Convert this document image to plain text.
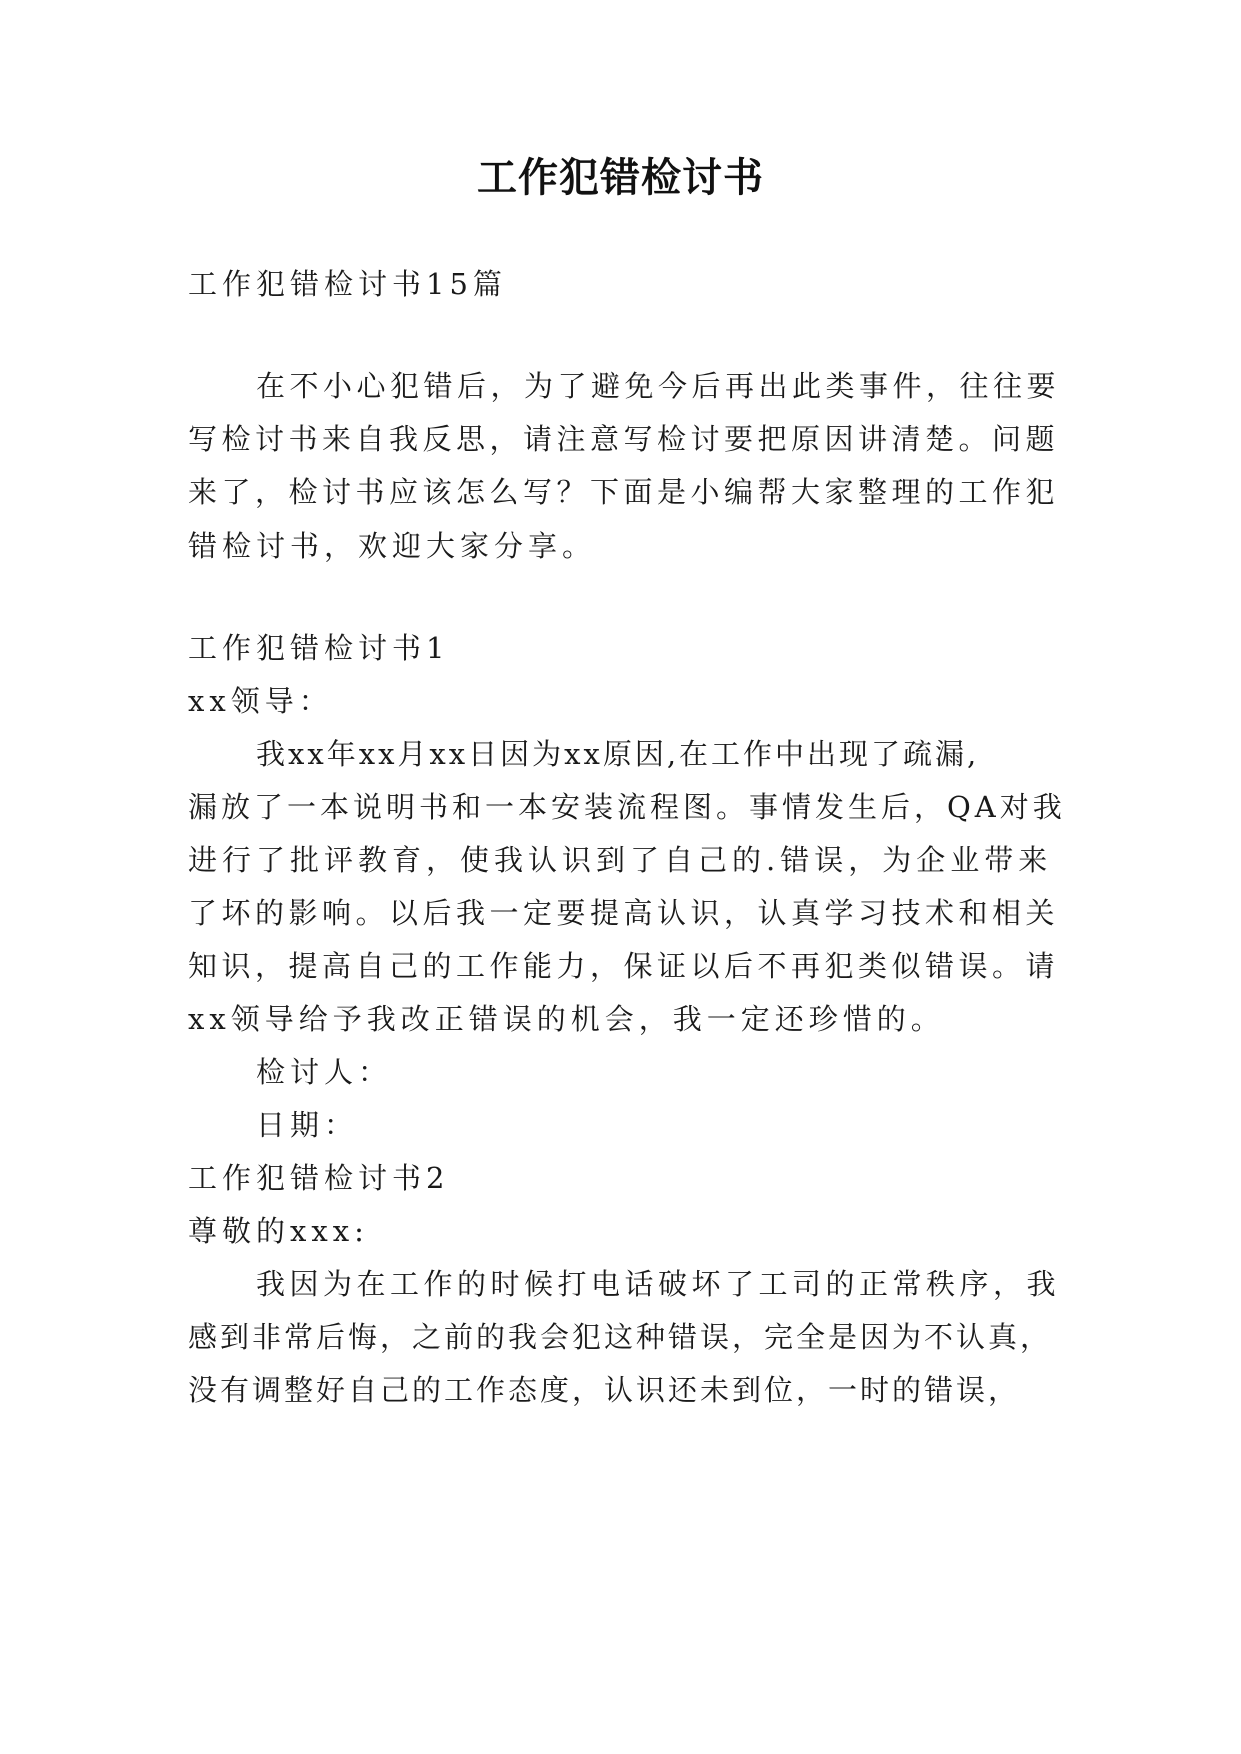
工作犯错检讨书
工作犯错检讨书15篇
在不小心犯错后，为了避免今后再出此类事件，往往要
写检讨书来自我反思，请注意写检讨要把原因讲清楚。问题
来了，检讨书应该怎么写？下面是小编帮大家整理的工作犯
错检讨书，欢迎大家分享。
工作犯错检讨书1
xx领导：
我xx年xx月xx日因为xx原因,在工作中出现了疏漏,
漏放了一本说明书和一本安装流程图。事情发生后，QA对我
进行了批评教育，使我认识到了自己的.错误，为企业带来
了坏的影响。以后我一定要提高认识，认真学习技术和相关
知识，提高自己的工作能力，保证以后不再犯类似错误。请
xx领导给予我改正错误的机会，我一定还珍惜的。
检讨人：
日期：
工作犯错检讨书2
尊敬的xxx:
我因为在工作的时候打电话破坏了工司的正常秩序，我
感到非常后悔，之前的我会犯这种错误，完全是因为不认真，
没有调整好自己的工作态度，认识还未到位，一时的错误，
